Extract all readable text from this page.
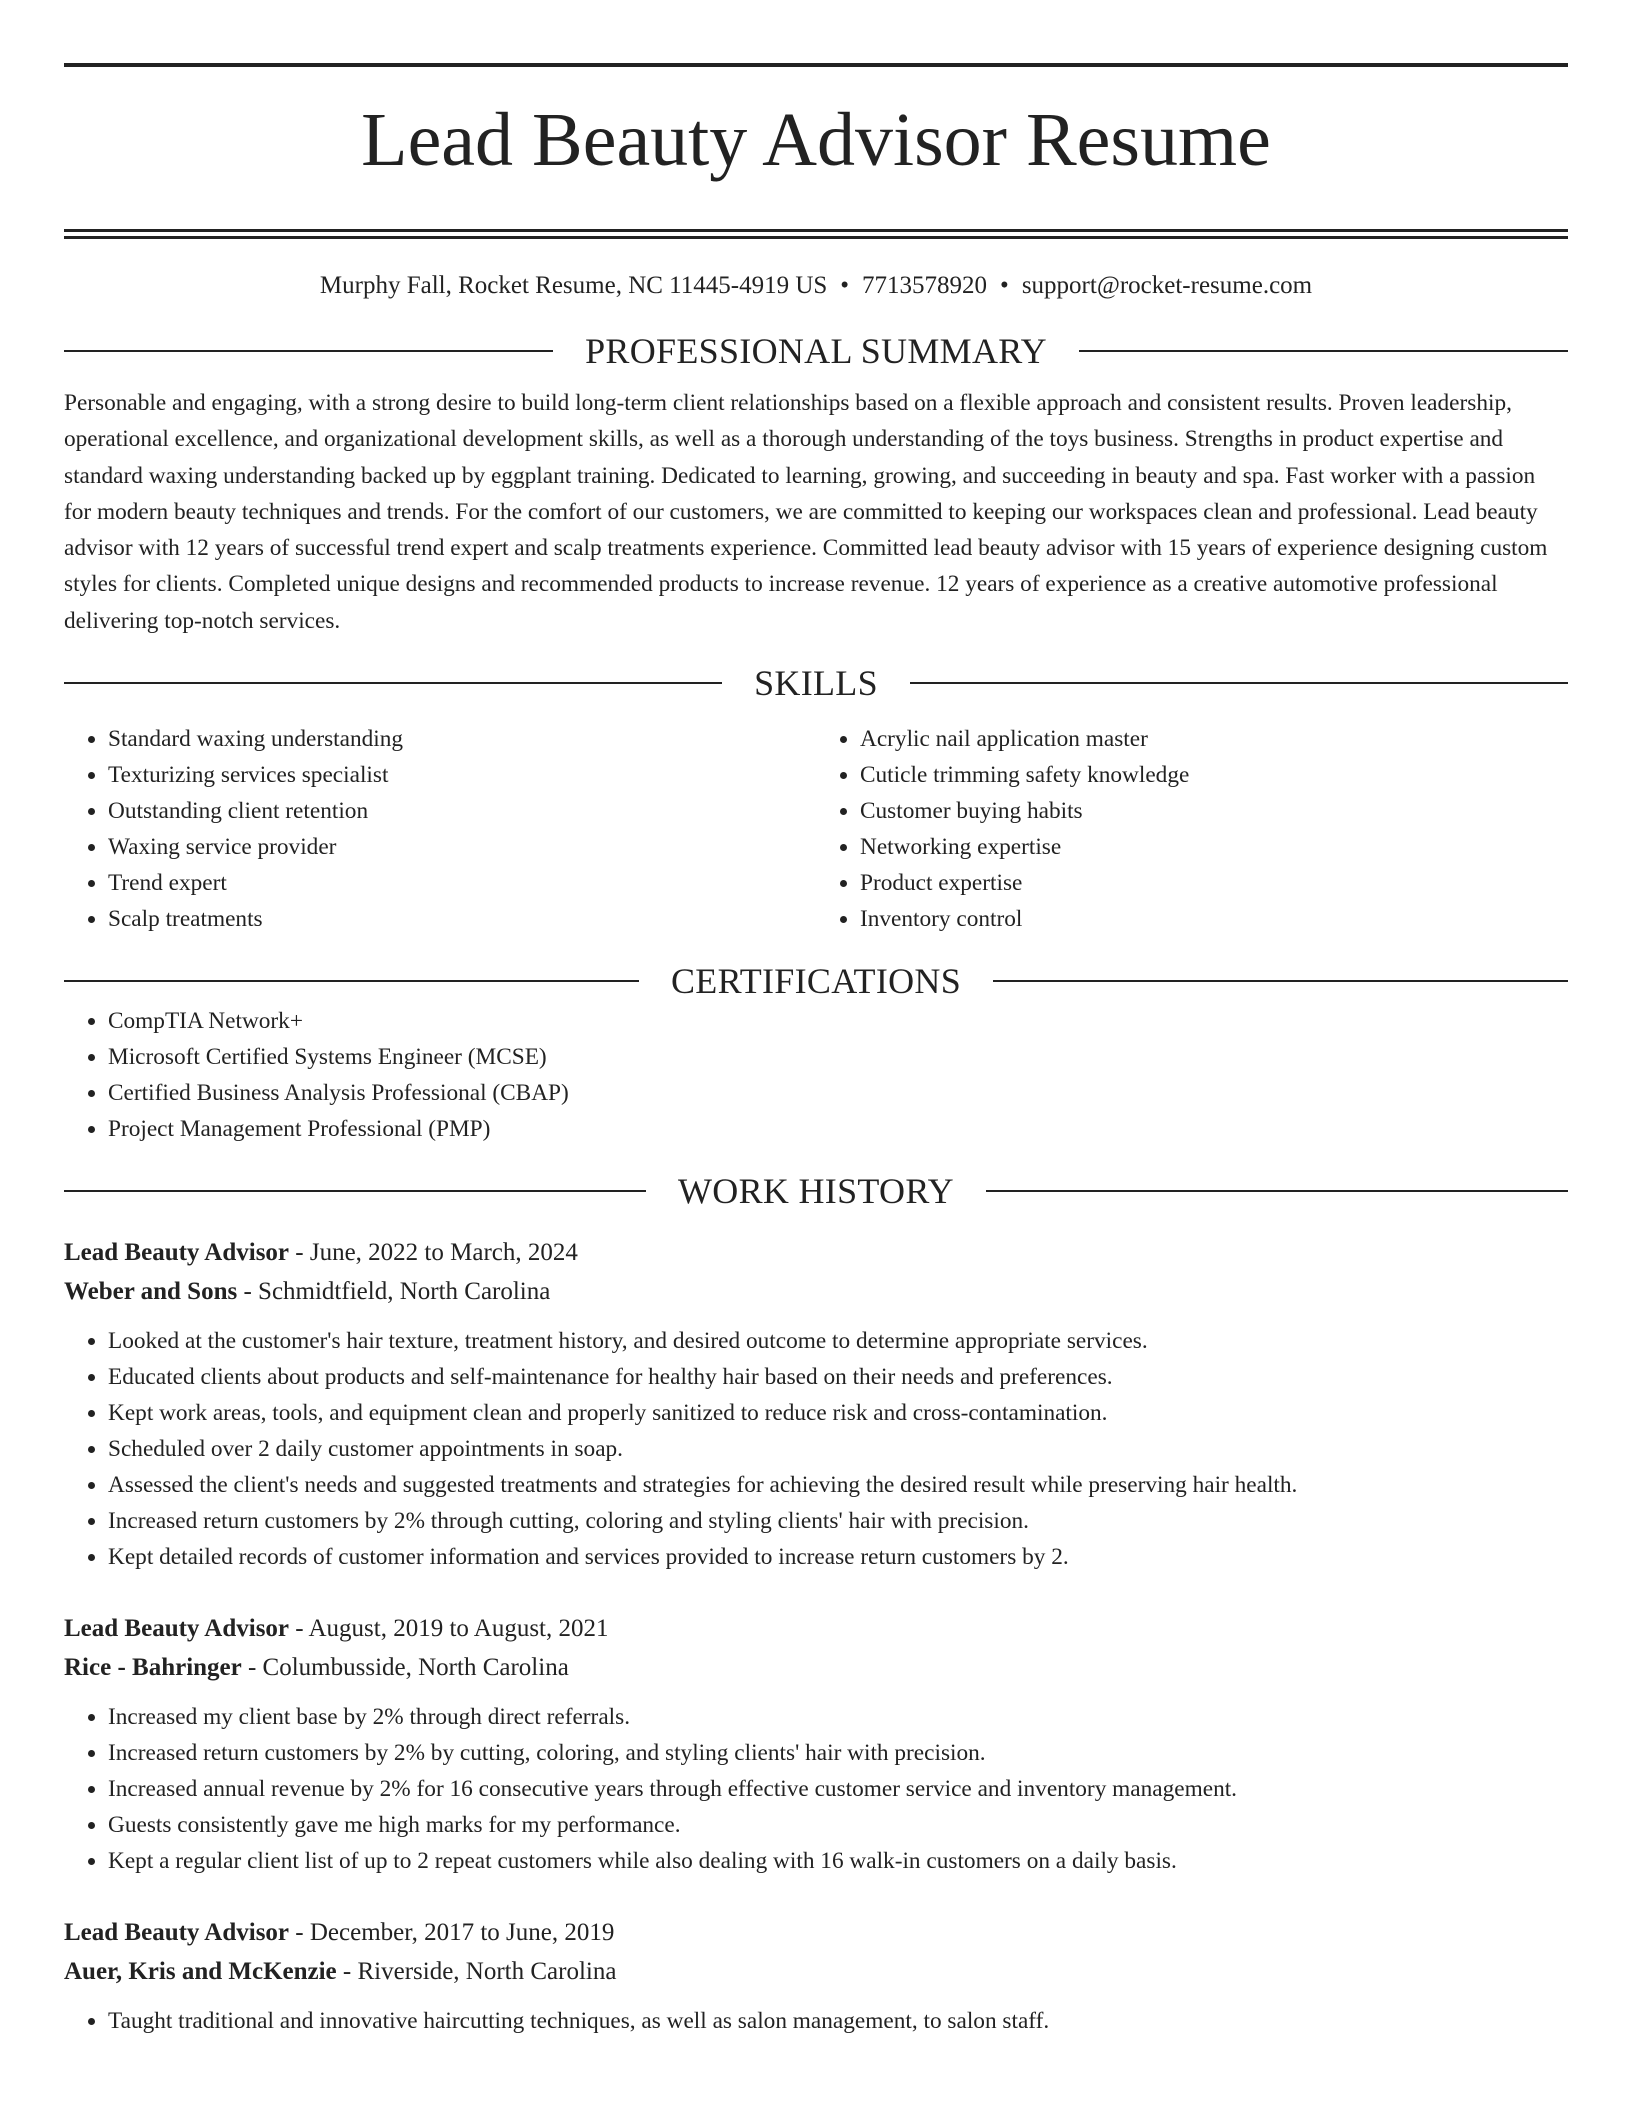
Lead Beauty Advisor Resume
Murphy Fall, Rocket Resume, NC 11445-4919 US • 7713578920 • support@rocket-resume.com
PROFESSIONAL SUMMARY
Personable and engaging, with a strong desire to build long-term client relationships based on a flexible approach and consistent results. Proven leadership, operational excellence, and organizational development skills, as well as a thorough understanding of the toys business. Strengths in product expertise and standard waxing understanding backed up by eggplant training. Dedicated to learning, growing, and succeeding in beauty and spa. Fast worker with a passion for modern beauty techniques and trends. For the comfort of our customers, we are committed to keeping our workspaces clean and professional. Lead beauty advisor with 12 years of successful trend expert and scalp treatments experience. Committed lead beauty advisor with 15 years of experience designing custom styles for clients. Completed unique designs and recommended products to increase revenue. 12 years of experience as a creative automotive professional delivering top-notch services.
SKILLS
• Standard waxing understanding
• Texturizing services specialist
• Outstanding client retention
• Waxing service provider
• Trend expert
• Scalp treatments
• Acrylic nail application master
• Cuticle trimming safety knowledge
• Customer buying habits
• Networking expertise
• Product expertise
• Inventory control
CERTIFICATIONS
• CompTIA Network+
• Microsoft Certified Systems Engineer (MCSE)
• Certified Business Analysis Professional (CBAP)
• Project Management Professional (PMP)
WORK HISTORY
Lead Beauty Advisor - June, 2022 to March, 2024
Weber and Sons - Schmidtfield, North Carolina
• Looked at the customer's hair texture, treatment history, and desired outcome to determine appropriate services.
• Educated clients about products and self-maintenance for healthy hair based on their needs and preferences.
• Kept work areas, tools, and equipment clean and properly sanitized to reduce risk and cross-contamination.
• Scheduled over 2 daily customer appointments in soap.
• Assessed the client's needs and suggested treatments and strategies for achieving the desired result while preserving hair health.
• Increased return customers by 2% through cutting, coloring and styling clients' hair with precision.
• Kept detailed records of customer information and services provided to increase return customers by 2.
Lead Beauty Advisor - August, 2019 to August, 2021
Rice - Bahringer - Columbusside, North Carolina
• Increased my client base by 2% through direct referrals.
• Increased return customers by 2% by cutting, coloring, and styling clients' hair with precision.
• Increased annual revenue by 2% for 16 consecutive years through effective customer service and inventory management.
• Guests consistently gave me high marks for my performance.
• Kept a regular client list of up to 2 repeat customers while also dealing with 16 walk-in customers on a daily basis.
Lead Beauty Advisor - December, 2017 to June, 2019
Auer, Kris and McKenzie - Riverside, North Carolina
• Taught traditional and innovative haircutting techniques, as well as salon management, to salon staff.
